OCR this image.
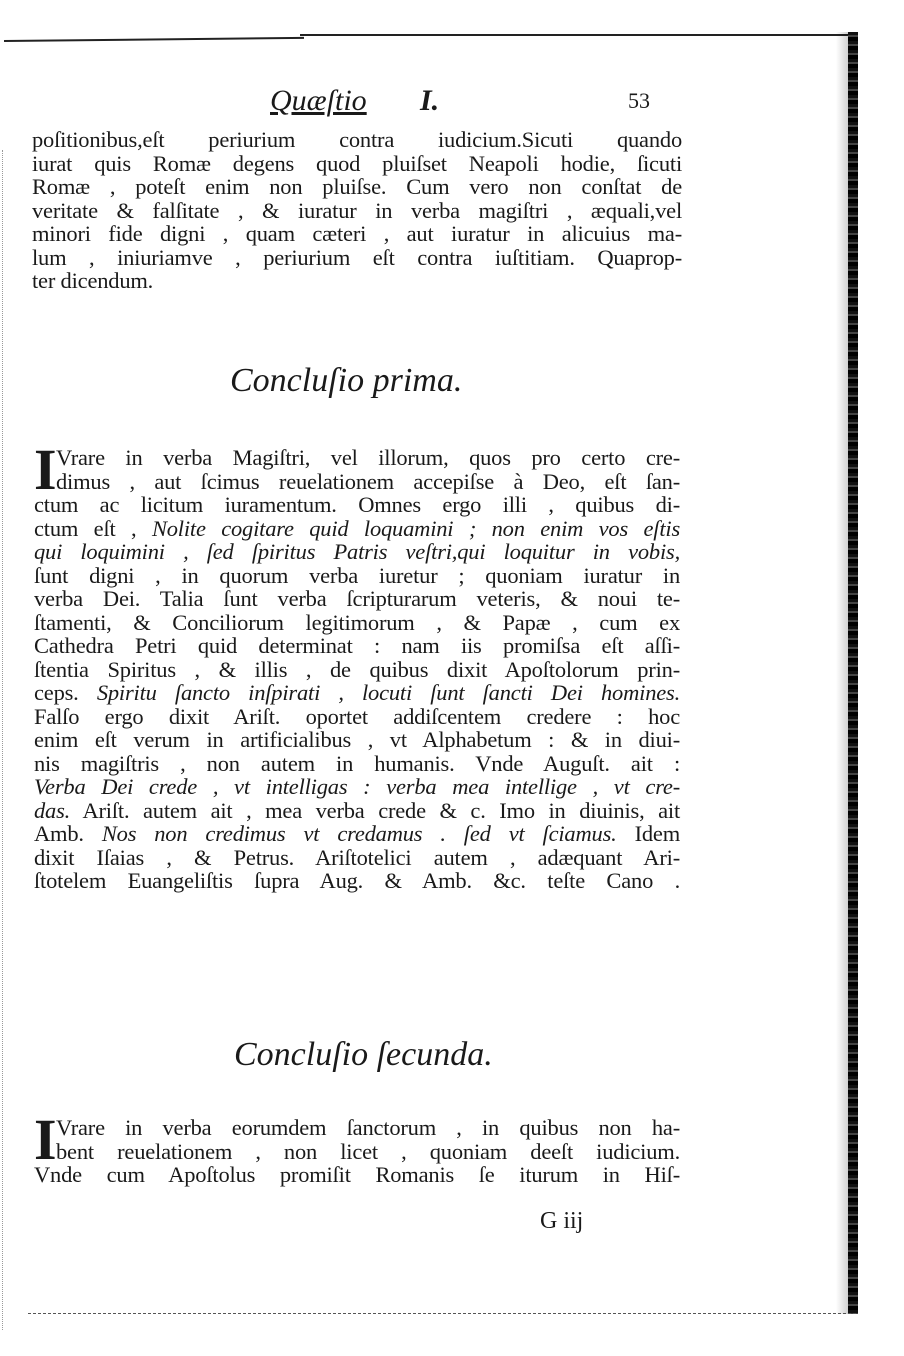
Quæſtio I.	53
poſitionibus,eſt periurium contra iudicium.Sicuti quando
iurat quis Romæ degens quod pluiſset Neapoli hodie, ſicuti
Romæ , poteſt enim non pluiſse. Cum vero non conſtat de
veritate & falſitate , & iuratur in verba magiſtri , æquali,vel
minori fide digni , quam cæteri , aut iuratur in alicuius ma-
lum , iniuriamve , periurium eſt contra iuſtitiam. Quaprop-
ter dicendum.
Concluſio prima.
I Vrare in verba Magiſtri, vel illorum, quos pro certo cre-
dimus , aut ſcimus reuelationem accepiſse à Deo, eſt ſan-
ctum ac licitum iuramentum. Omnes ergo illi , quibus di-
ctum eſt , Nolite cogitare quid loquamini ; non enim vos eſtis
qui loquimini , ſed ſpiritus Patris veſtri,qui loquitur in vobis,
ſunt digni , in quorum verba iuretur ; quoniam iuratur in
verba Dei. Talia ſunt verba ſcripturarum veteris, & noui te-
ſtamenti, & Conciliorum legitimorum , & Papæ , cum ex
Cathedra Petri quid determinat : nam iis promiſsa eſt aſſi-
ſtentia Spiritus , & illis , de quibus dixit Apoſtolorum prin-
ceps. Spiritu ſancto inſpirati , locuti ſunt ſancti Dei homines.
Falſo ergo dixit Ariſt. oportet addiſcentem credere : hoc
enim eſt verum in artificialibus , vt Alphabetum : & in diui-
nis magiſtris , non autem in humanis. Vnde Auguſt. ait :
Verba Dei crede , vt intelligas : verba mea intellige , vt cre-
das. Ariſt. autem ait , mea verba crede & c. Imo in diuinis, ait
Amb. Nos non credimus vt credamus . ſed vt ſciamus. Idem
dixit Iſaias , & Petrus. Ariſtotelici autem , adæquant Ari-
ſtotelem Euangeliſtis ſupra Aug. & Amb. &c. teſte Cano .
Concluſio ſecunda.
I Vrare in verba eorumdem ſanctorum , in quibus non ha-
bent reuelationem , non licet , quoniam deeſt iudicium.
Vnde cum Apoſtolus promiſit Romanis ſe iturum in Hiſ-
G iij
